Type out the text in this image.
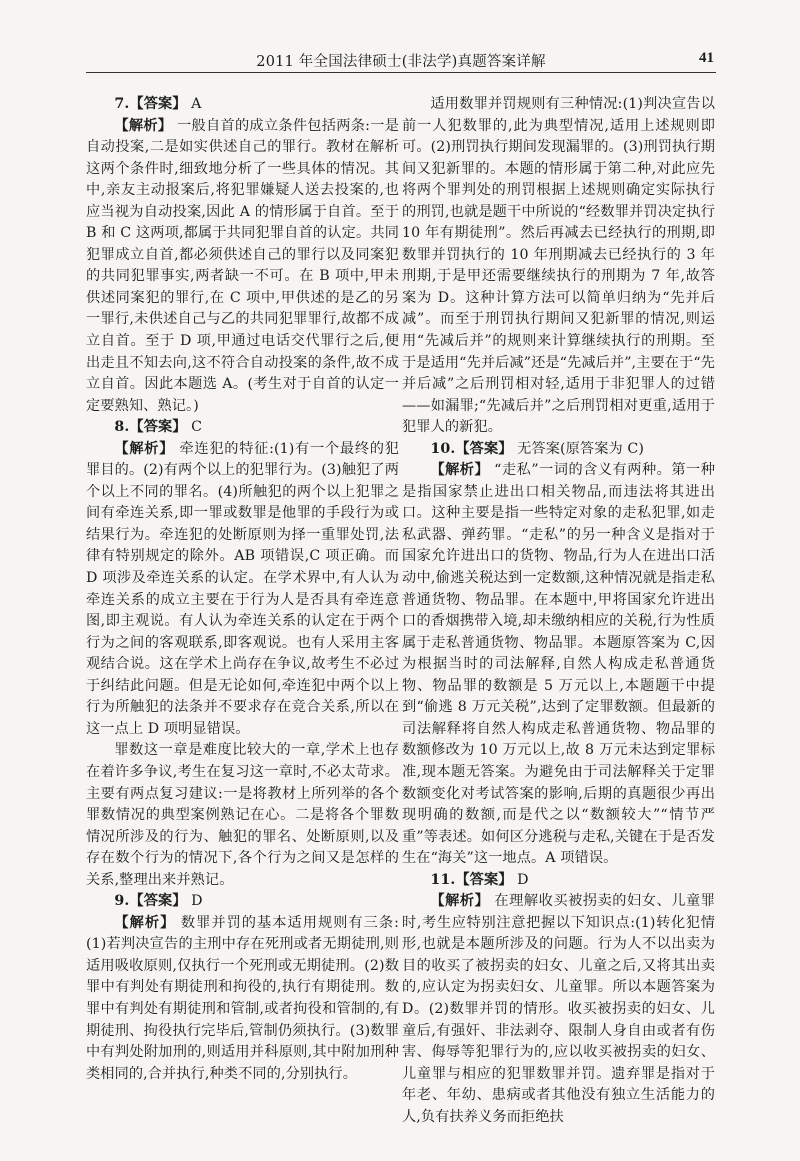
2011 年全国法律硕士(非法学)真题答案详解	41

7.【答案】 A

【解析】 一般自首的成立条件包括两条:一是自动投案,二是如实供述自己的罪行。教材在解析这两个条件时,细致地分析了一些具体的情况。其中,亲友主动报案后,将犯罪嫌疑人送去投案的,也应当视为自动投案,因此 A 的情形属于自首。至于 B 和 C 这两项,都属于共同犯罪自首的认定。共同犯罪成立自首,都必须供述自己的罪行以及同案犯的共同犯罪事实,两者缺一不可。在 B 项中,甲未供述同案犯的罪行,在 C 项中,甲供述的是乙的另一罪行,未供述自己与乙的共同犯罪罪行,故都不成立自首。至于 D 项,甲通过电话交代罪行之后,便出走且不知去向,这不符合自动投案的条件,故不成立自首。因此本题选 A。(考生对于自首的认定一定要熟知、熟记。)

8.【答案】 C

【解析】 牵连犯的特征:(1)有一个最终的犯罪目的。(2)有两个以上的犯罪行为。(3)触犯了两个以上不同的罪名。(4)所触犯的两个以上犯罪之间有牵连关系,即一罪或数罪是他罪的手段行为或结果行为。牵连犯的处断原则为择一重罪处罚,法律有特别规定的除外。AB 项错误,C 项正确。而 D 项涉及牵连关系的认定。在学术界中,有人认为牵连关系的成立主要在于行为人是否具有牵连意图,即主观说。有人认为牵连关系的认定在于两个行为之间的客观联系,即客观说。也有人采用主客观结合说。这在学术上尚存在争议,故考生不必过于纠结此问题。但是无论如何,牵连犯中两个以上行为所触犯的法条并不要求存在竞合关系,所以在这一点上 D 项明显错误。

罪数这一章是难度比较大的一章,学术上也存在着许多争议,考生在复习这一章时,不必太苛求。主要有两点复习建议:一是将教材上所列举的各个罪数情况的典型案例熟记在心。二是将各个罪数情况所涉及的行为、触犯的罪名、处断原则,以及存在数个行为的情况下,各个行为之间又是怎样的关系,整理出来并熟记。

9.【答案】 D

【解析】 数罪并罚的基本适用规则有三条:(1)若判决宣告的主刑中存在死刑或者无期徒刑,则适用吸收原则,仅执行一个死刑或无期徒刑。(2)数罪中有判处有期徒刑和拘役的,执行有期徒刑。数罪中有判处有期徒刑和管制,或者拘役和管制的,有期徒刑、拘役执行完毕后,管制仍须执行。(3)数罪中有判处附加刑的,则适用并科原则,其中附加刑种类相同的,合并执行,种类不同的,分别执行。

适用数罪并罚规则有三种情况:(1)判决宣告以前一人犯数罪的,此为典型情况,适用上述规则即可。(2)刑罚执行期间发现漏罪的。(3)刑罚执行期间又犯新罪的。本题的情形属于第二种,对此应先将两个罪判处的刑罚根据上述规则确定实际执行的刑罚,也就是题干中所说的“经数罪并罚决定执行 10 年有期徒刑”。然后再减去已经执行的刑期,即数罪并罚执行的 10 年刑期减去已经执行的 3 年刑期,于是甲还需要继续执行的刑期为 7 年,故答案为 D。这种计算方法可以简单归纳为“先并后减”。而至于刑罚执行期间又犯新罪的情况,则运用“先减后并”的规则来计算继续执行的刑期。至于是适用“先并后减”还是“先减后并”,主要在于“先并后减”之后刑罚相对轻,适用于非犯罪人的过错——如漏罪;“先减后并”之后刑罚相对更重,适用于犯罪人的新犯。

10.【答案】 无答案(原答案为 C)

【解析】 “走私”一词的含义有两种。第一种是指国家禁止进出口相关物品,而违法将其进出口。这种主要是指一些特定对象的走私犯罪,如走私武器、弹药罪。“走私”的另一种含义是指对于国家允许进出口的货物、物品,行为人在进出口活动中,偷逃关税达到一定数额,这种情况就是指走私普通货物、物品罪。在本题中,甲将国家允许进出口的香烟携带入境,却未缴纳相应的关税,行为性质属于走私普通货物、物品罪。本题原答案为 C,因为根据当时的司法解释,自然人构成走私普通货物、物品罪的数额是 5 万元以上,本题题干中提到“偷逃 8 万元关税”,达到了定罪数额。但最新的司法解释将自然人构成走私普通货物、物品罪的数额修改为 10 万元以上,故 8 万元未达到定罪标准,现本题无答案。为避免由于司法解释关于定罪数额变化对考试答案的影响,后期的真题很少再出现明确的数额,而是代之以“数额较大”“情节严重”等表述。如何区分逃税与走私,关键在于是否发生在“海关”这一地点。A 项错误。

11.【答案】 D

【解析】 在理解收买被拐卖的妇女、儿童罪时,考生应特别注意把握以下知识点:(1)转化犯情形,也就是本题所涉及的问题。行为人不以出卖为目的收买了被拐卖的妇女、儿童之后,又将其出卖的,应认定为拐卖妇女、儿童罪。所以本题答案为 D。(2)数罪并罚的情形。收买被拐卖的妇女、儿童后,有强奸、非法剥夺、限制人身自由或者有伤害、侮辱等犯罪行为的,应以收买被拐卖的妇女、儿童罪与相应的犯罪数罪并罚。遗弃罪是指对于年老、年幼、患病或者其他没有独立生活能力的人,负有扶养义务而拒绝扶
